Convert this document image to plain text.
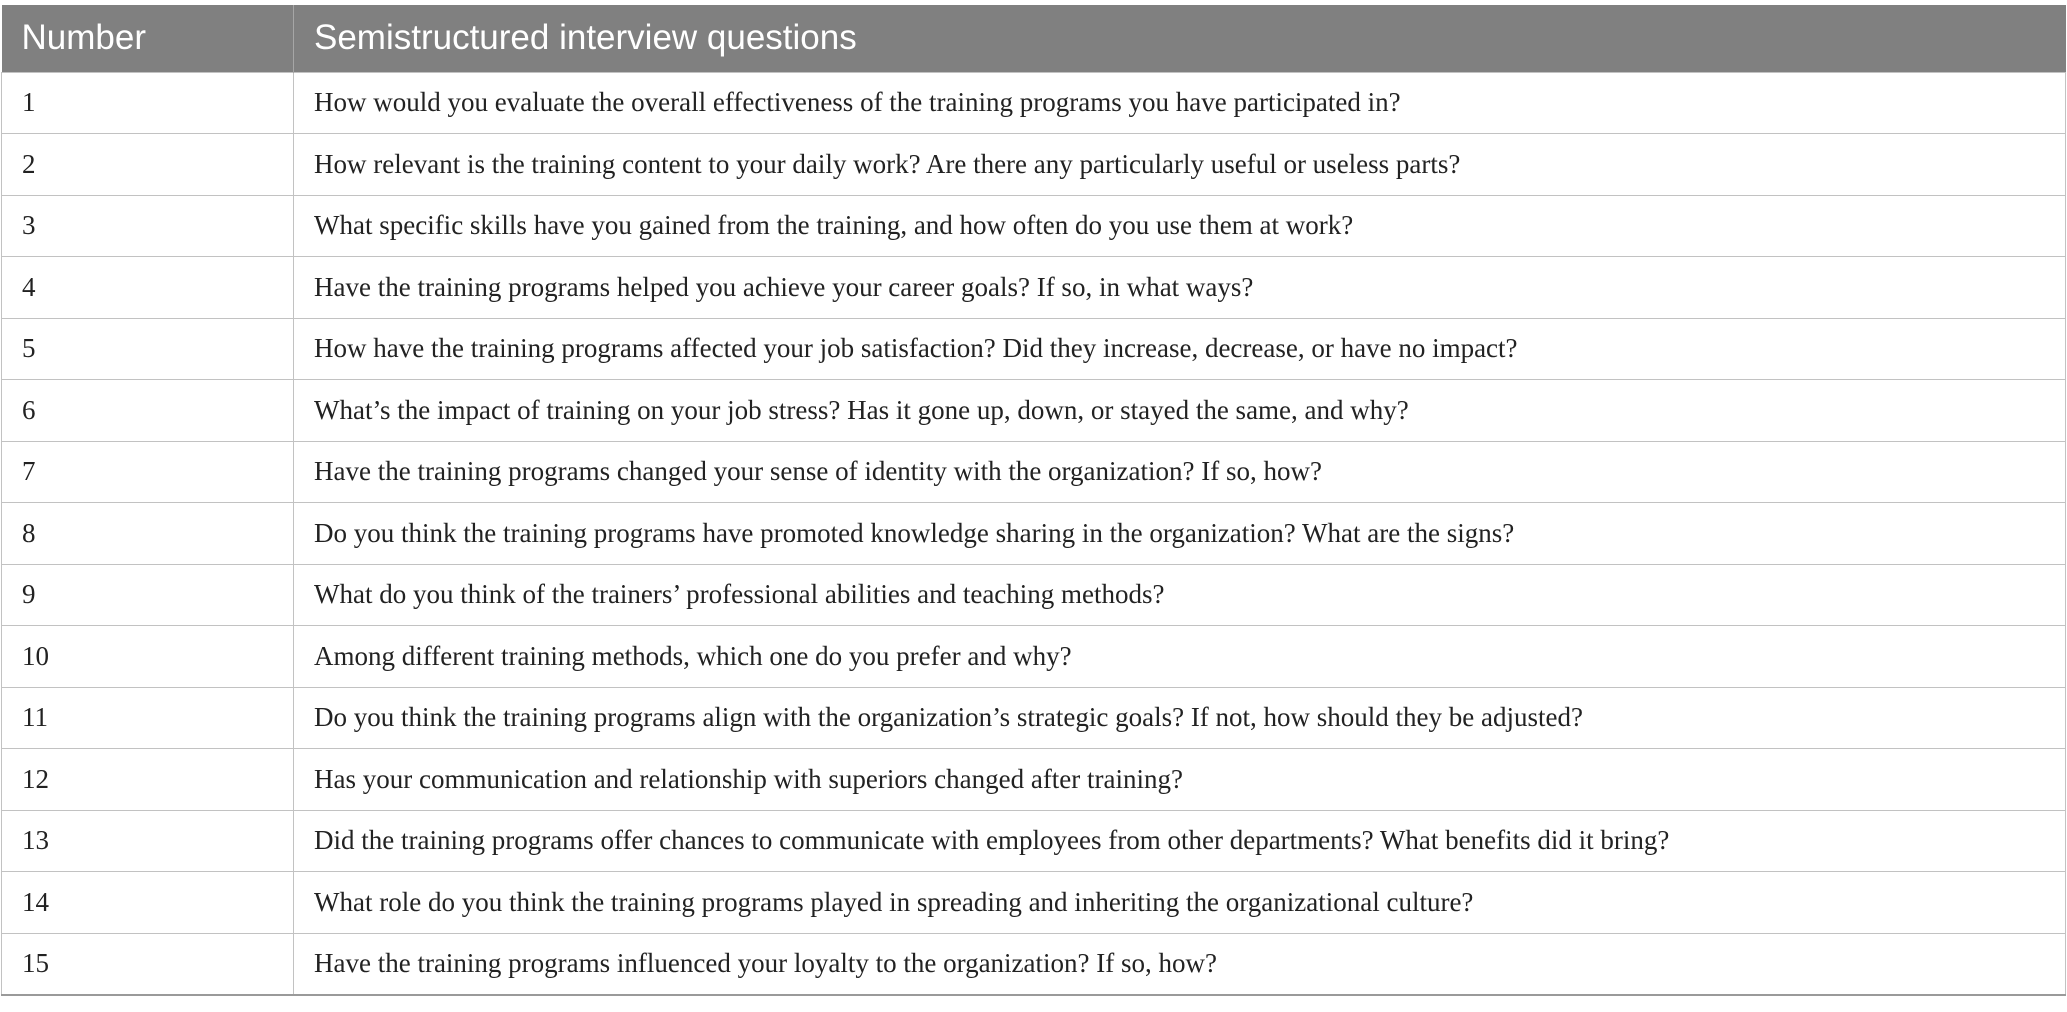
Number	Semistructured interview questions
1	How would you evaluate the overall effectiveness of the training programs you have participated in?
2	How relevant is the training content to your daily work? Are there any particularly useful or useless parts?
3	What specific skills have you gained from the training, and how often do you use them at work?
4	Have the training programs helped you achieve your career goals? If so, in what ways?
5	How have the training programs affected your job satisfaction? Did they increase, decrease, or have no impact?
6	What’s the impact of training on your job stress? Has it gone up, down, or stayed the same, and why?
7	Have the training programs changed your sense of identity with the organization? If so, how?
8	Do you think the training programs have promoted knowledge sharing in the organization? What are the signs?
9	What do you think of the trainers’ professional abilities and teaching methods?
10	Among different training methods, which one do you prefer and why?
11	Do you think the training programs align with the organization’s strategic goals? If not, how should they be adjusted?
12	Has your communication and relationship with superiors changed after training?
13	Did the training programs offer chances to communicate with employees from other departments? What benefits did it bring?
14	What role do you think the training programs played in spreading and inheriting the organizational culture?
15	Have the training programs influenced your loyalty to the organization? If so, how?
